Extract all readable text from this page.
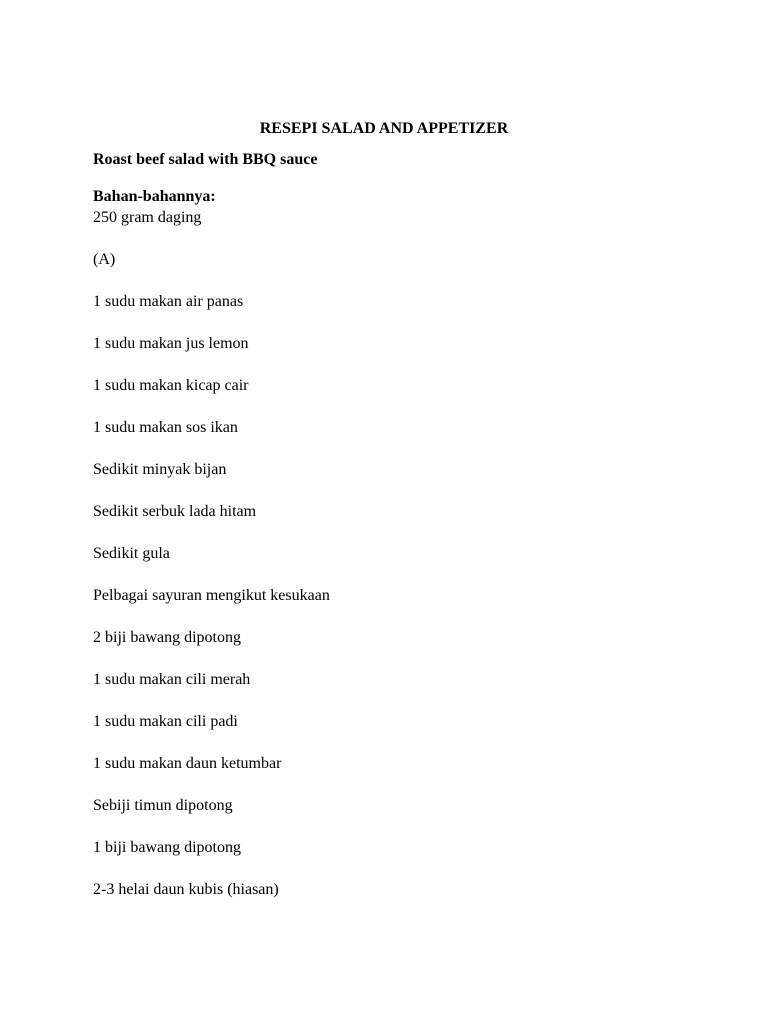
RESEPI SALAD AND APPETIZER
Roast beef salad with BBQ sauce
Bahan-bahannya:
250 gram daging
(A)
1 sudu makan air panas
1 sudu makan jus lemon
1 sudu makan kicap cair
1 sudu makan sos ikan
Sedikit minyak bijan
Sedikit serbuk lada hitam
Sedikit gula
Pelbagai sayuran mengikut kesukaan
2 biji bawang dipotong
1 sudu makan cili merah
1 sudu makan cili padi
1 sudu makan daun ketumbar
Sebiji timun dipotong
1 biji bawang dipotong
2-3 helai daun kubis (hiasan)
